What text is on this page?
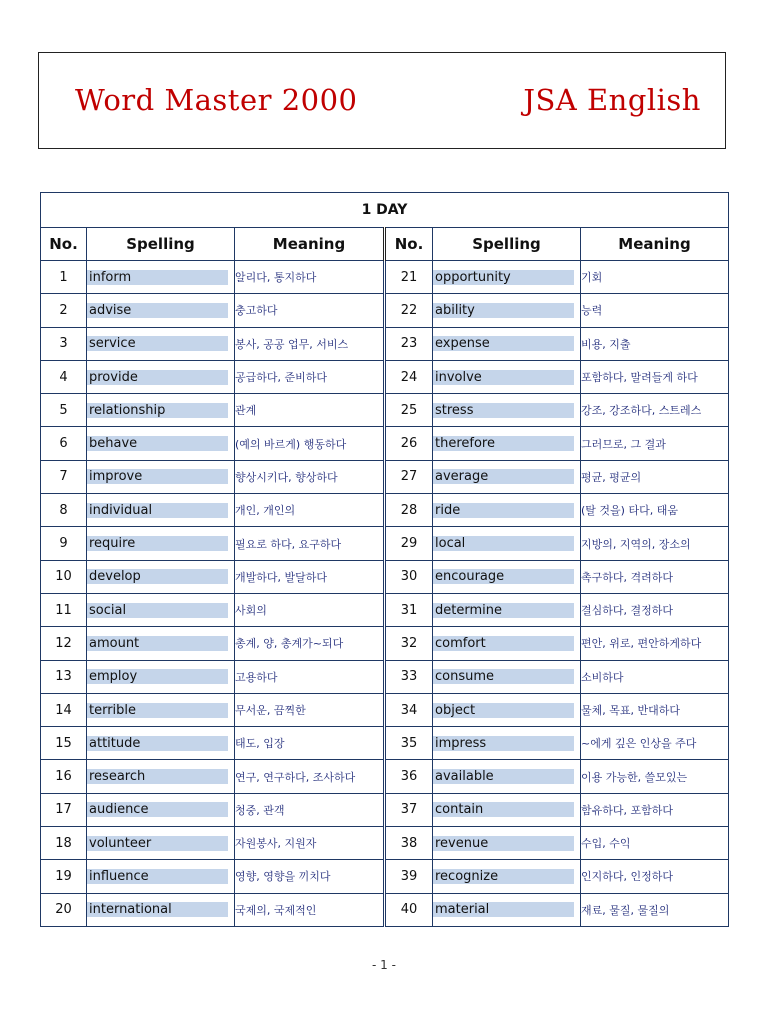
Word Master 2000	JSA English
1 DAY					
No.	Spelling	Meaning	No.	Spelling	Meaning
1	inform	알리다, 통지하다	21	opportunity	기회
2	advise	충고하다	22	ability	능력
3	service	봉사, 공공 업무, 서비스	23	expense	비용, 지출
4	provide	공급하다, 준비하다	24	involve	포함하다, 말려들게 하다
5	relationship	관계	25	stress	강조, 강조하다, 스트레스
6	behave	(예의 바르게) 행동하다	26	therefore	그러므로, 그 결과
7	improve	향상시키다, 향상하다	27	average	평균, 평균의
8	individual	개인, 개인의	28	ride	(탈 것을) 타다, 태움
9	require	필요로 하다, 요구하다	29	local	지방의, 지역의, 장소의
10	develop	개발하다, 발달하다	30	encourage	촉구하다, 격려하다
11	social	사회의	31	determine	결심하다, 결정하다
12	amount	총계, 양, 총계가~되다	32	comfort	편안, 위로, 편안하게하다
13	employ	고용하다	33	consume	소비하다
14	terrible	무서운, 끔찍한	34	object	물체, 목표, 반대하다
15	attitude	태도, 입장	35	impress	~에게 깊은 인상을 주다
16	research	연구, 연구하다, 조사하다	36	available	이용 가능한, 쓸모있는
17	audience	청중, 관객	37	contain	함유하다, 포함하다
18	volunteer	자원봉사, 지원자	38	revenue	수입, 수익
19	influence	영향, 영향을 끼치다	39	recognize	인지하다, 인정하다
20	international	국제의, 국제적인	40	material	재료, 물질, 물질의
- 1 -
